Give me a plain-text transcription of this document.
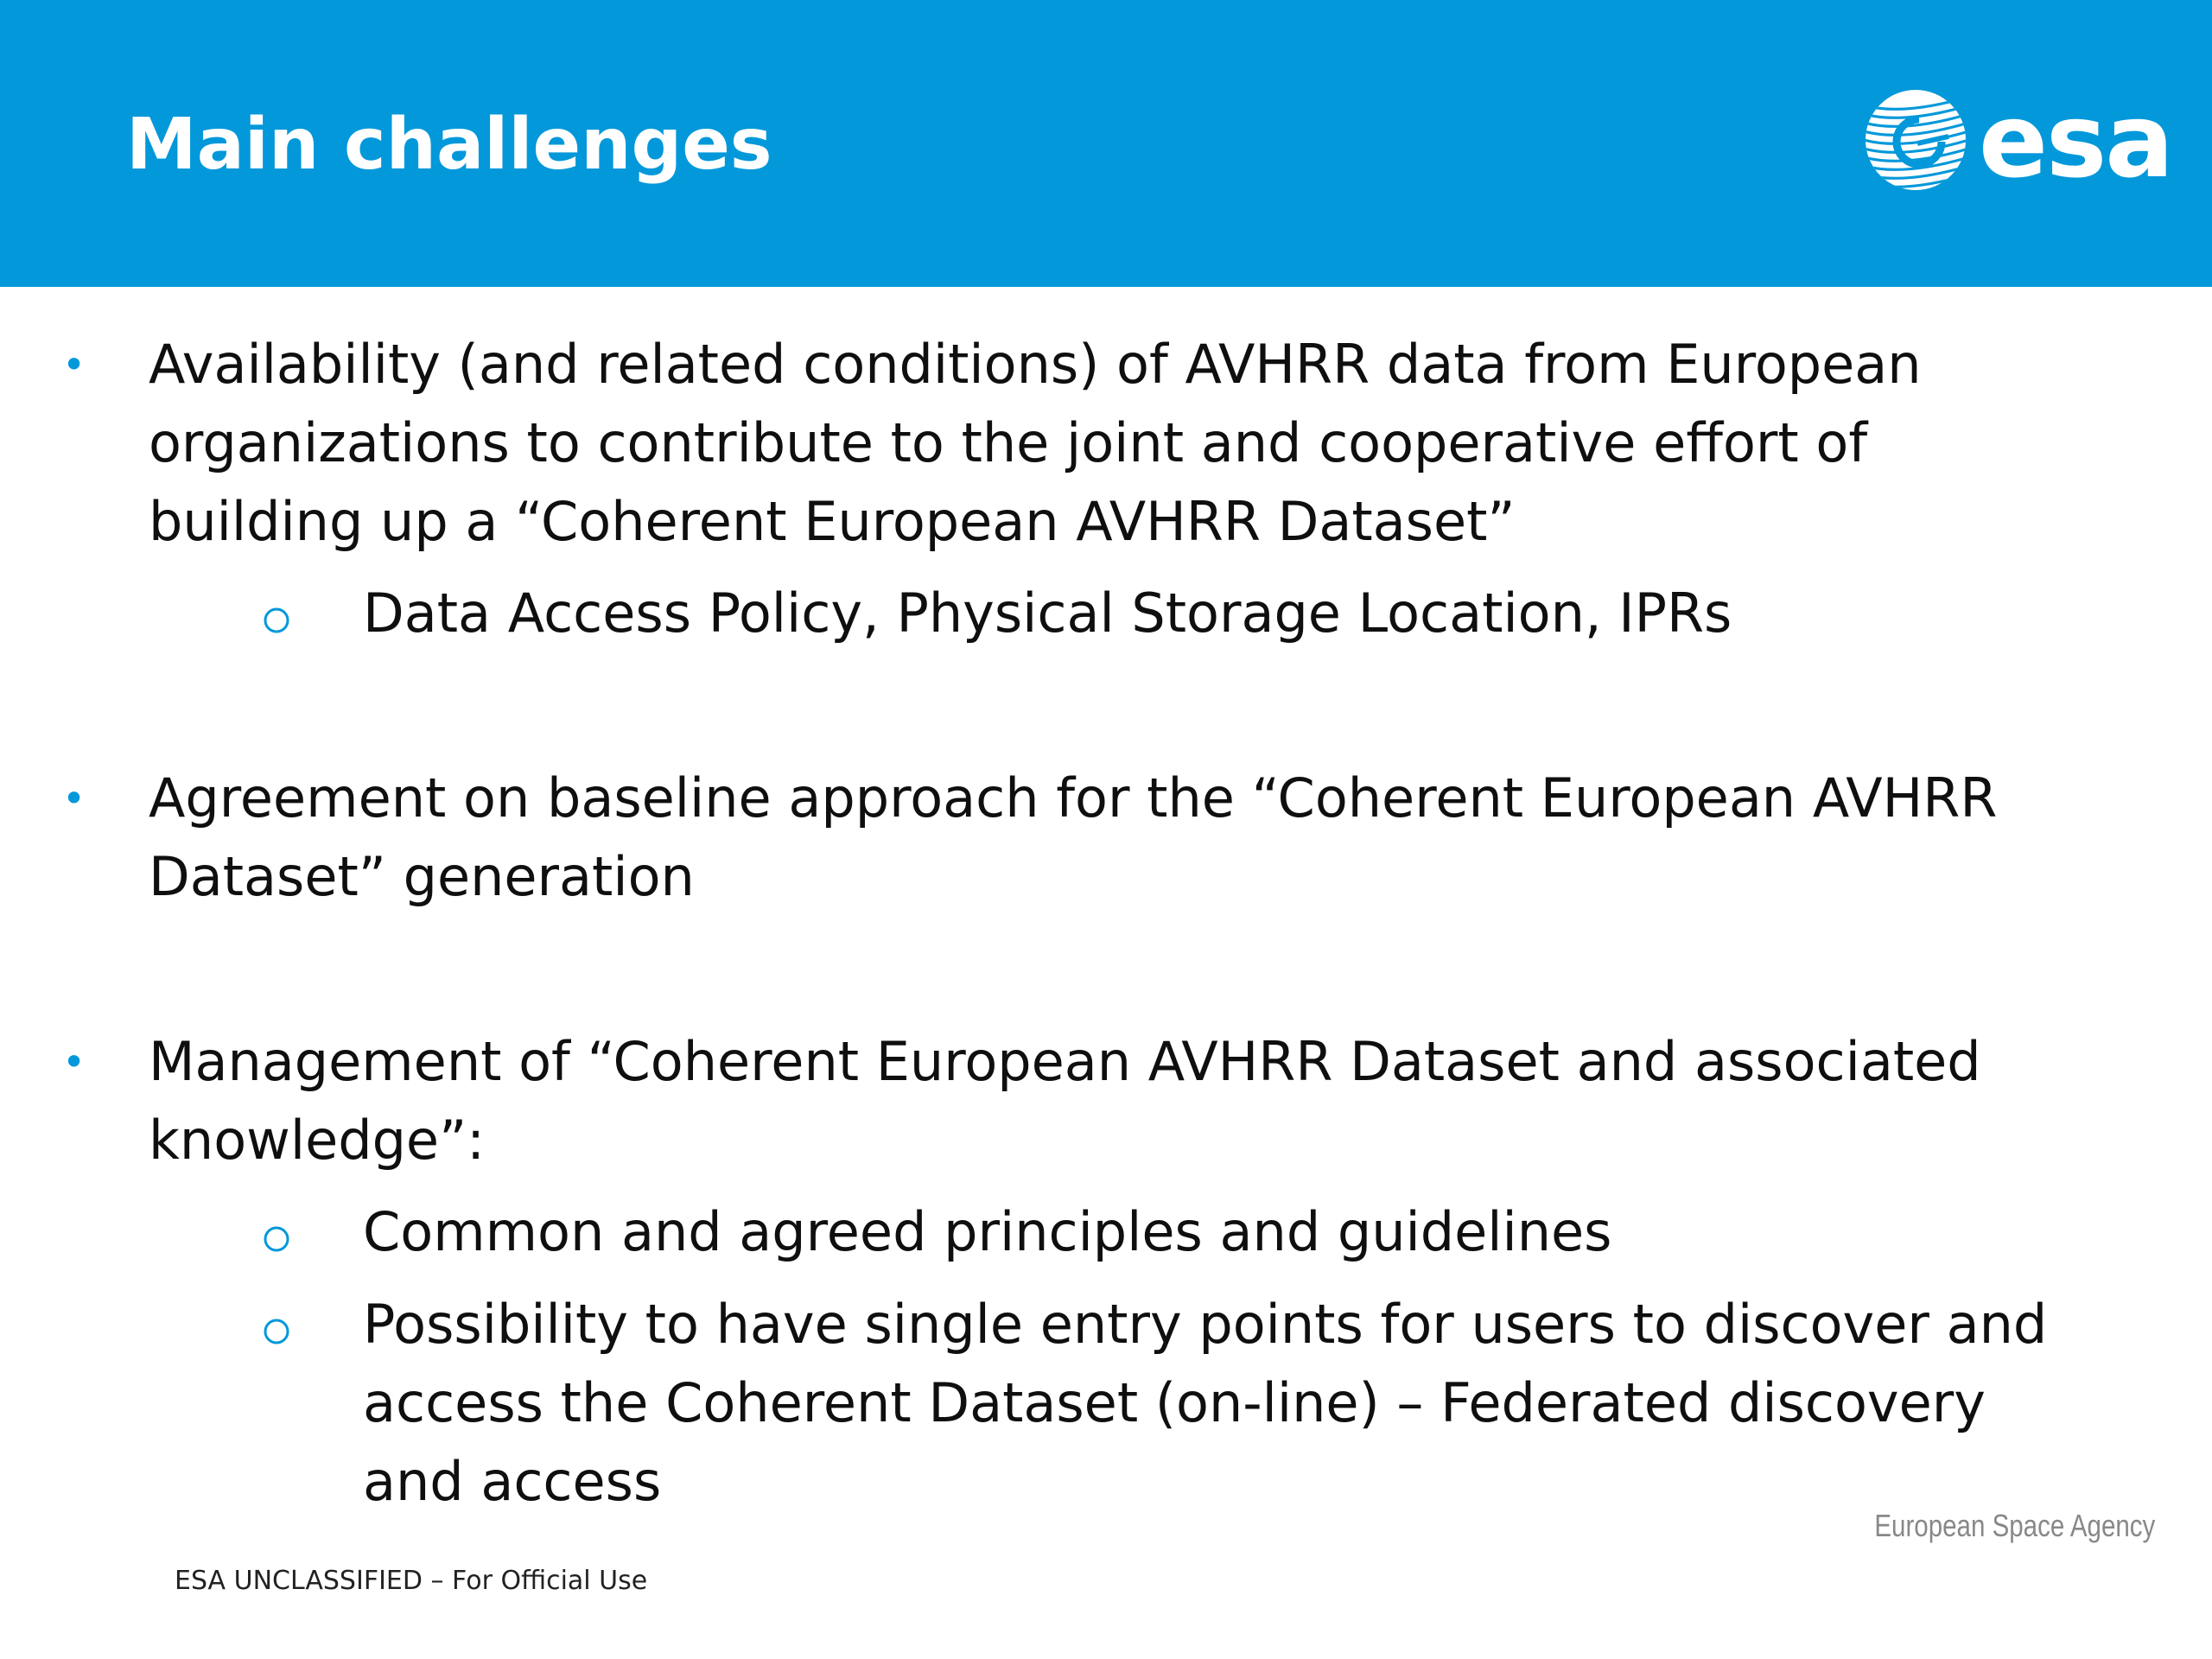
Main challenges	esa
• Availability (and related conditions) of AVHRR data from European
organizations to contribute to the joint and cooperative effort of
building up a “Coherent European AVHRR Dataset”
Data Access Policy, Physical Storage Location, IPRs
• Agreement on baseline approach for the “Coherent European AVHRR
Dataset” generation
• Management of “Coherent European AVHRR Dataset and associated
knowledge”:
Common and agreed principles and guidelines
Possibility to have single entry points for users to discover and
access the Coherent Dataset (on-line) – Federated discovery
and access
European Space Agency
ESA UNCLASSIFIED – For Official Use
